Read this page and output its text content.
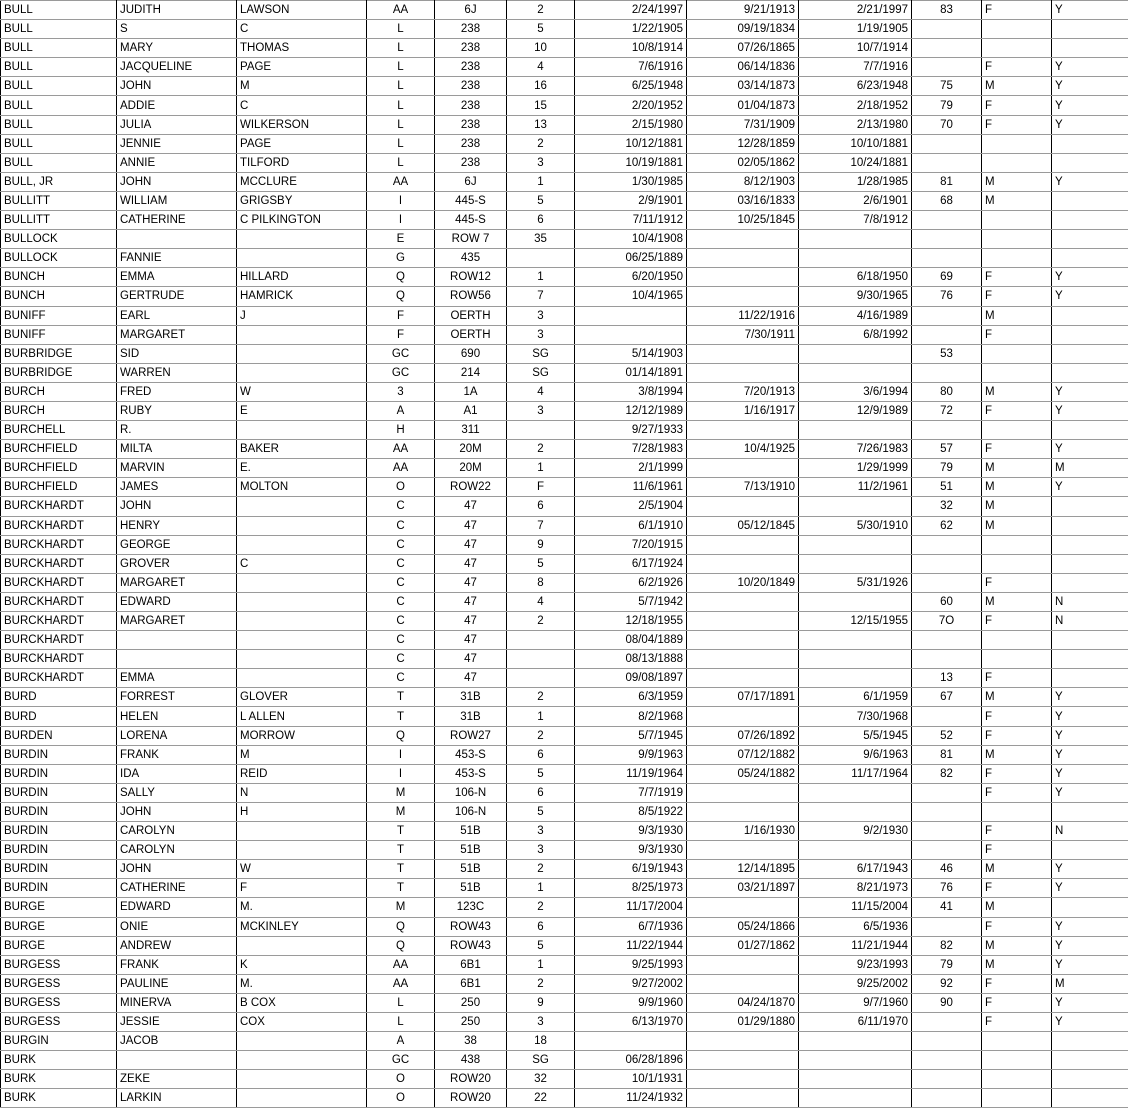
BULL	JUDITH	LAWSON	AA	6J	2	2/24/1997	9/21/1913	2/21/1997	83	F	Y
BULL	S	C	L	238	5	1/22/1905	09/19/1834	1/19/1905			
BULL	MARY	THOMAS	L	238	10	10/8/1914	07/26/1865	10/7/1914			
BULL	JACQUELINE	PAGE	L	238	4	7/6/1916	06/14/1836	7/7/1916		F	Y
BULL	JOHN	M	L	238	16	6/25/1948	03/14/1873	6/23/1948	75	M	Y
BULL	ADDIE	C	L	238	15	2/20/1952	01/04/1873	2/18/1952	79	F	Y
BULL	JULIA	WILKERSON	L	238	13	2/15/1980	7/31/1909	2/13/1980	70	F	Y
BULL	JENNIE	PAGE	L	238	2	10/12/1881	12/28/1859	10/10/1881			
BULL	ANNIE	TILFORD	L	238	3	10/19/1881	02/05/1862	10/24/1881			
BULL, JR	JOHN	MCCLURE	AA	6J	1	1/30/1985	8/12/1903	1/28/1985	81	M	Y
BULLITT	WILLIAM	GRIGSBY	I	445-S	5	2/9/1901	03/16/1833	2/6/1901	68	M	
BULLITT	CATHERINE	C PILKINGTON	I	445-S	6	7/11/1912	10/25/1845	7/8/1912			
BULLOCK			E	ROW 7	35	10/4/1908					
BULLOCK	FANNIE		G	435		06/25/1889					
BUNCH	EMMA	HILLARD	Q	ROW12	1	6/20/1950		6/18/1950	69	F	Y
BUNCH	GERTRUDE	HAMRICK	Q	ROW56	7	10/4/1965		9/30/1965	76	F	Y
BUNIFF	EARL	J	F	OERTH	3		11/22/1916	4/16/1989		M	
BUNIFF	MARGARET		F	OERTH	3		7/30/1911	6/8/1992		F	
BURBRIDGE	SID		GC	690	SG	5/14/1903			53		
BURBRIDGE	WARREN		GC	214	SG	01/14/1891					
BURCH	FRED	W	3	1A	4	3/8/1994	7/20/1913	3/6/1994	80	M	Y
BURCH	RUBY	E	A	A1	3	12/12/1989	1/16/1917	12/9/1989	72	F	Y
BURCHELL	R.		H	311		9/27/1933					
BURCHFIELD	MILTA	BAKER	AA	20M	2	7/28/1983	10/4/1925	7/26/1983	57	F	Y
BURCHFIELD	MARVIN	E.	AA	20M	1	2/1/1999		1/29/1999	79	M	M
BURCHFIELD	JAMES	MOLTON	O	ROW22	F	11/6/1961	7/13/1910	11/2/1961	51	M	Y
BURCKHARDT	JOHN		C	47	6	2/5/1904			32	M	
BURCKHARDT	HENRY		C	47	7	6/1/1910	05/12/1845	5/30/1910	62	M	
BURCKHARDT	GEORGE		C	47	9	7/20/1915					
BURCKHARDT	GROVER	C	C	47	5	6/17/1924					
BURCKHARDT	MARGARET		C	47	8	6/2/1926	10/20/1849	5/31/1926		F	
BURCKHARDT	EDWARD		C	47	4	5/7/1942			60	M	N
BURCKHARDT	MARGARET		C	47	2	12/18/1955		12/15/1955	7O	F	N
BURCKHARDT			C	47		08/04/1889					
BURCKHARDT			C	47		08/13/1888					
BURCKHARDT	EMMA		C	47		09/08/1897			13	F	
BURD	FORREST	GLOVER	T	31B	2	6/3/1959	07/17/1891	6/1/1959	67	M	Y
BURD	HELEN	L ALLEN	T	31B	1	8/2/1968		7/30/1968		F	Y
BURDEN	LORENA	MORROW	Q	ROW27	2	5/7/1945	07/26/1892	5/5/1945	52	F	Y
BURDIN	FRANK	M	I	453-S	6	9/9/1963	07/12/1882	9/6/1963	81	M	Y
BURDIN	IDA	REID	I	453-S	5	11/19/1964	05/24/1882	11/17/1964	82	F	Y
BURDIN	SALLY	N	M	106-N	6	7/7/1919				F	Y
BURDIN	JOHN	H	M	106-N	5	8/5/1922					
BURDIN	CAROLYN		T	51B	3	9/3/1930	1/16/1930	9/2/1930		F	N
BURDIN	CAROLYN		T	51B	3	9/3/1930				F	
BURDIN	JOHN	W	T	51B	2	6/19/1943	12/14/1895	6/17/1943	46	M	Y
BURDIN	CATHERINE	F	T	51B	1	8/25/1973	03/21/1897	8/21/1973	76	F	Y
BURGE	EDWARD	M.	M	123C	2	11/17/2004		11/15/2004	41	M	
BURGE	ONIE	MCKINLEY	Q	ROW43	6	6/7/1936	05/24/1866	6/5/1936		F	Y
BURGE	ANDREW		Q	ROW43	5	11/22/1944	01/27/1862	11/21/1944	82	M	Y
BURGESS	FRANK	K	AA	6B1	1	9/25/1993		9/23/1993	79	M	Y
BURGESS	PAULINE	M.	AA	6B1	2	9/27/2002		9/25/2002	92	F	M
BURGESS	MINERVA	B COX	L	250	9	9/9/1960	04/24/1870	9/7/1960	90	F	Y
BURGESS	JESSIE	COX	L	250	3	6/13/1970	01/29/1880	6/11/1970		F	Y
BURGIN	JACOB		A	38	18						
BURK			GC	438	SG	06/28/1896					
BURK	ZEKE		O	ROW20	32	10/1/1931					
BURK	LARKIN		O	ROW20	22	11/24/1932					
